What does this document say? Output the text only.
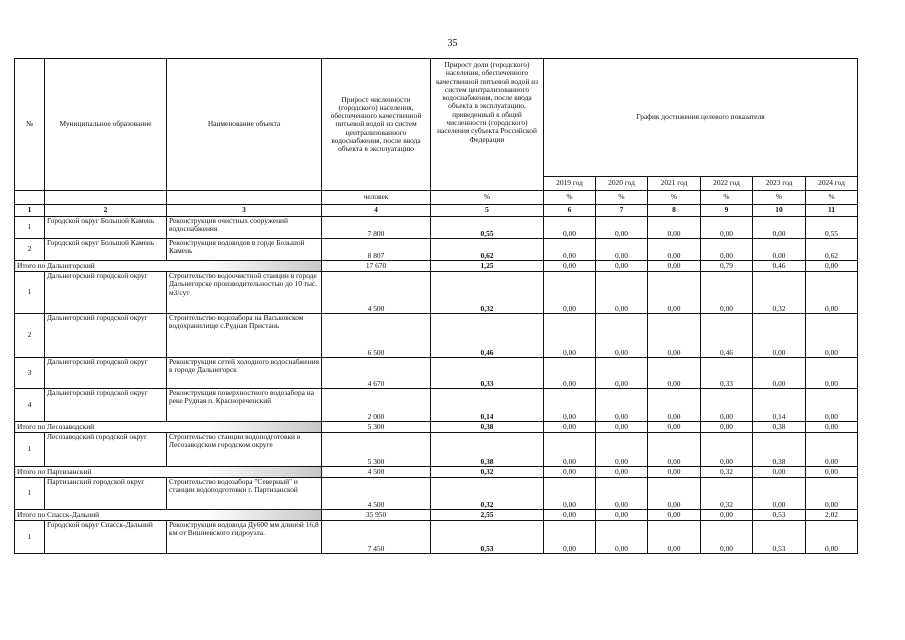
35
№	Муниципальное образование	Наименование объекта	Прирост численности (городского) населения, обеспеченного качественной питьевой водой из систем централизованного водоснабжения, после ввода объекта в эксплуатацию	Прирост доли (городского) населения, обеспеченного качественной питьевой водой из систем централизованного водоснабжения, после ввода объекта в эксплуатацию, приведенный к общей численности (городского) населения субъекта Российской Федерации	График достижения целевого показателя					
					2019 год	2020 год	2021 год	2022 год	2023 год	2024 год
			человек	%	%	%	%	%	%	%
1	2	3	4	5	6	7	8	9	10	11
1	Городской округ Большой Камень	Реконструкция очистных сооружений водоснабжения	7 800	0,55	0,00	0,00	0,00	0,00	0,00	0,55
2	Городской округ Большой Камень	Реконструкция водоводов в горде Большой Камень	8 807	0,62	0,00	0,00	0,00	0,00	0,00	0,62
Итого по Дальнегорский			17 670	1,25	0,00	0,00	0,00	0,79	0,46	0,00
1	Дальнегорский городской округ	Строительство водоочистной станции в городе Дальнегорске производительностью до 10 тыс. м3/сут	4 500	0,32	0,00	0,00	0,00	0,00	0,32	0,00
2	Дальнегорский городской округ	Строительство водозабора на Васьковском водохранилище с.Рудная Пристань	6 500	0,46	0,00	0,00	0,00	0,46	0,00	0,00
3	Дальнегорский городской округ	Реконструкция сетей холодного водоснабжения в городе Дальнегорск	4 670	0,33	0,00	0,00	0,00	0,33	0,00	0,00
4	Дальнегорский городской округ	Реконструкция поверхностного водозабора на реке Рудная п. Краснореченский	2 000	0,14	0,00	0,00	0,00	0,00	0,14	0,00
Итого по Лесозаводский			5 300	0,38	0,00	0,00	0,00	0,00	0,38	0,00
1	Лесозаводский городской округ	Строительство станции водоподготовки в Лесозаводском городском округе	5 300	0,38	0,00	0,00	0,00	0,00	0,38	0,00
Итого по Партизанский			4 500	0,32	0,00	0,00	0,00	0,32	0,00	0,00
1	Партизанский городской округ	Строительство водозабора "Северный" и станции водоподготовки г. Партизанской	4 500	0,32	0,00	0,00	0,00	0,32	0,00	0,00
Итого по Спасск-Дальний			35 950	2,55	0,00	0,00	0,00	0,00	0,53	2,02
1	Городской округ Спасск-Дальний	Реконструкция водовода Ду600 мм длиной 16,8 км от Вишневского гидроузла.	7 450	0,53	0,00	0,00	0,00	0,00	0,53	0,00
